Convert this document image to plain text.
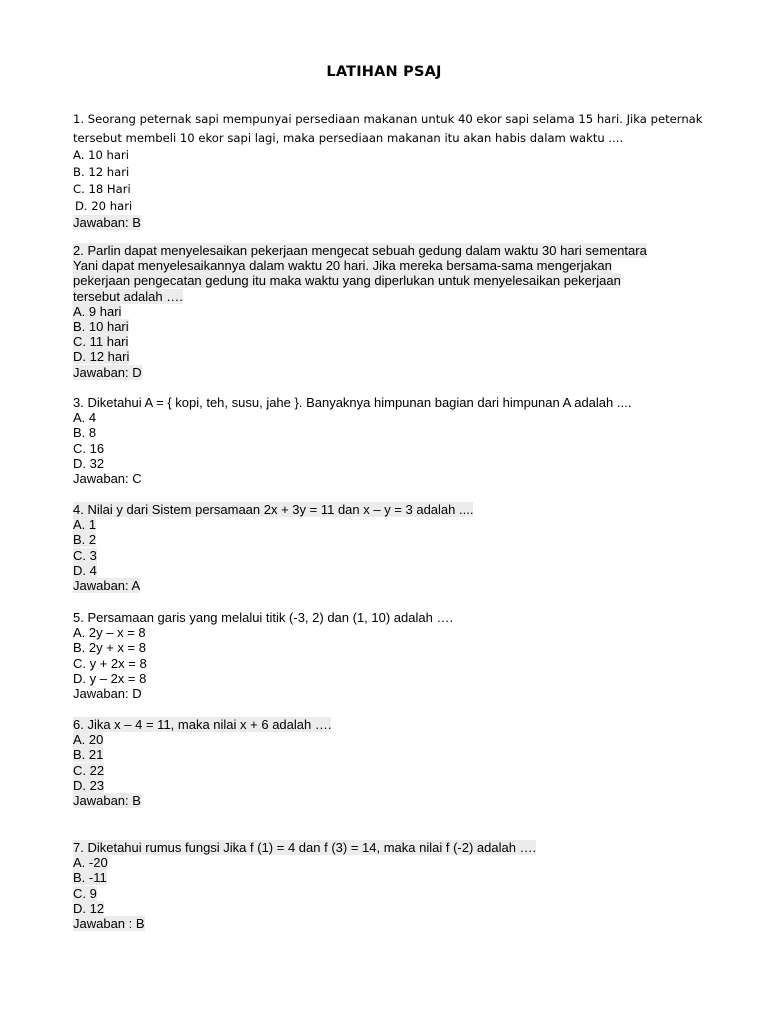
LATIHAN PSAJ
1. Seorang peternak sapi mempunyai persediaan makanan untuk 40 ekor sapi selama 15 hari. Jika peternak
tersebut membeli 10 ekor sapi lagi, maka persediaan makanan itu akan habis dalam waktu ....
A. 10 hari
B. 12 hari
C. 18 Hari
D. 20 hari
Jawaban: B
2. Parlin dapat menyelesaikan pekerjaan mengecat sebuah gedung dalam waktu 30 hari sementara
Yani dapat menyelesaikannya dalam waktu 20 hari. Jika mereka bersama-sama mengerjakan
pekerjaan pengecatan gedung itu maka waktu yang diperlukan untuk menyelesaikan pekerjaan
tersebut adalah ….
A. 9 hari
B. 10 hari
C. 11 hari
D. 12 hari
Jawaban: D
3. Diketahui A = { kopi, teh, susu, jahe }. Banyaknya himpunan bagian dari himpunan A adalah ....
A. 4
B. 8
C. 16
D. 32
Jawaban: C
4. Nilai y dari Sistem persamaan 2x + 3y = 11 dan x – y = 3 adalah ....
A. 1
B. 2
C. 3
D. 4
Jawaban: A
5. Persamaan garis yang melalui titik (-3, 2) dan (1, 10) adalah ….
A. 2y – x = 8
B. 2y + x = 8
C. y + 2x = 8
D. y – 2x = 8
Jawaban: D
6. Jika x – 4 = 11, maka nilai x + 6 adalah ….
A. 20
B. 21
C. 22
D. 23
Jawaban: B
7. Diketahui rumus fungsi Jika f (1) = 4 dan f (3) = 14, maka nilai f (-2) adalah ….
A. -20
B. -11
C. 9
D. 12
Jawaban : B
